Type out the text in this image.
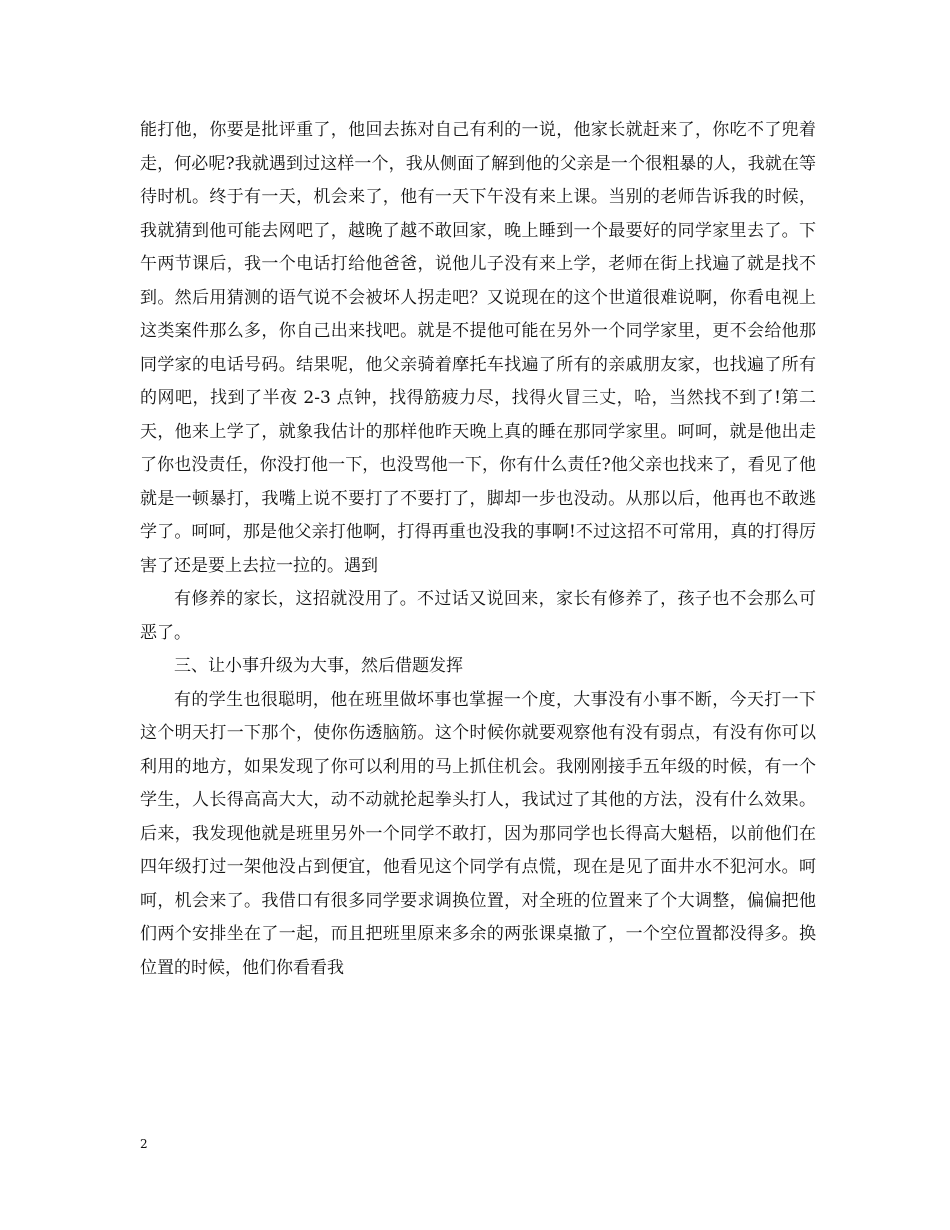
能打他，你要是批评重了，他回去拣对自己有利的一说，他家长就赶来了，你吃不了兜着走，何必呢?我就遇到过这样一个，我从侧面了解到他的父亲是一个很粗暴的人，我就在等待时机。终于有一天，机会来了，他有一天下午没有来上课。当别的老师告诉我的时候，我就猜到他可能去网吧了，越晚了越不敢回家，晚上睡到一个最要好的同学家里去了。下午两节课后，我一个电话打给他爸爸，说他儿子没有来上学，老师在街上找遍了就是找不到。然后用猜测的语气说不会被坏人拐走吧？又说现在的这个世道很难说啊，你看电视上这类案件那么多，你自己出来找吧。就是不提他可能在另外一个同学家里，更不会给他那同学家的电话号码。结果呢，他父亲骑着摩托车找遍了所有的亲戚朋友家，也找遍了所有的网吧，找到了半夜 2-3 点钟，找得筋疲力尽，找得火冒三丈，哈，当然找不到了!第二天，他来上学了，就象我估计的那样他昨天晚上真的睡在那同学家里。呵呵，就是他出走了你也没责任，你没打他一下，也没骂他一下，你有什么责任?他父亲也找来了，看见了他就是一顿暴打，我嘴上说不要打了不要打了，脚却一步也没动。从那以后，他再也不敢逃学了。呵呵，那是他父亲打他啊，打得再重也没我的事啊!不过这招不可常用，真的打得厉害了还是要上去拉一拉的。遇到

有修养的家长，这招就没用了。不过话又说回来，家长有修养了，孩子也不会那么可恶了。

三、让小事升级为大事，然后借题发挥

有的学生也很聪明，他在班里做坏事也掌握一个度，大事没有小事不断，今天打一下这个明天打一下那个，使你伤透脑筋。这个时候你就要观察他有没有弱点，有没有你可以利用的地方，如果发现了你可以利用的马上抓住机会。我刚刚接手五年级的时候，有一个学生，人长得高高大大，动不动就抡起拳头打人，我试过了其他的方法，没有什么效果。后来，我发现他就是班里另外一个同学不敢打，因为那同学也长得高大魁梧，以前他们在四年级打过一架他没占到便宜，他看见这个同学有点慌，现在是见了面井水不犯河水。呵呵，机会来了。我借口有很多同学要求调换位置，对全班的位置来了个大调整，偏偏把他们两个安排坐在了一起，而且把班里原来多余的两张课桌撤了，一个空位置都没得多。换位置的时候，他们你看看我

2
